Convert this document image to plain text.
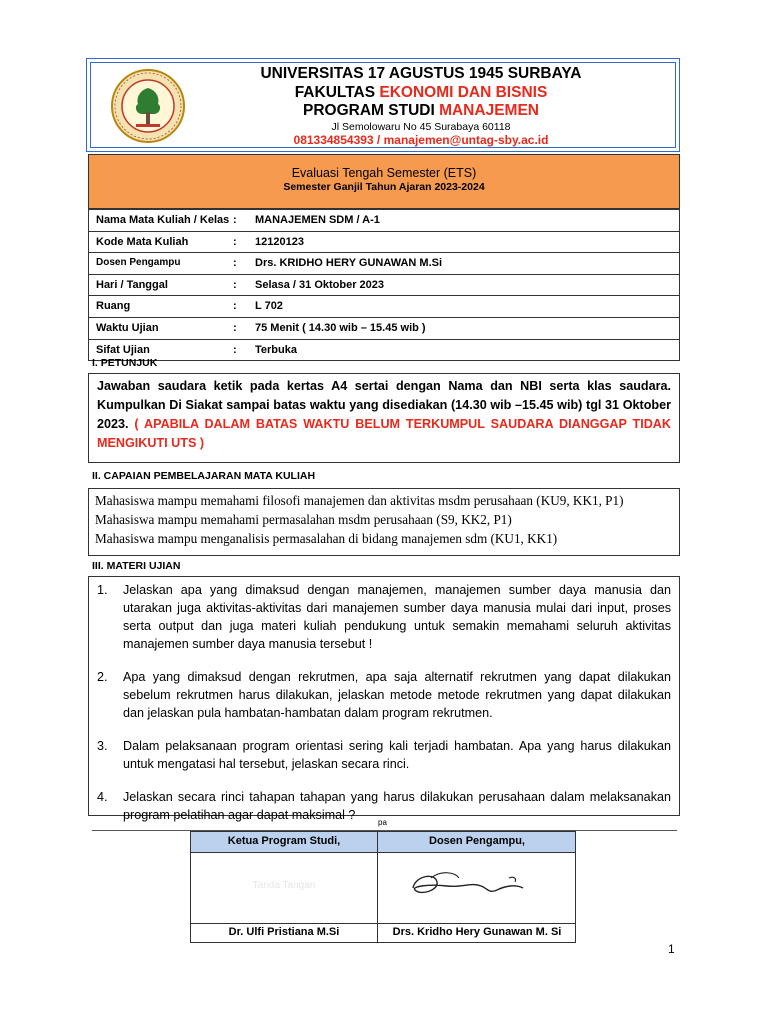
UNIVERSITAS 17 AGUSTUS 1945 SURBAYA
FAKULTAS EKONOMI DAN BISNIS
PROGRAM STUDI MANAJEMEN
Jl Semolowaru No 45 Surabaya 60118
081334854393 / manajemen@untag-sby.ac.id
Evaluasi Tengah Semester (ETS)
Semester Ganjil Tahun Ajaran 2023-2024
Nama Mata Kuliah / Kelas : MANAJEMEN SDM / A-1
Kode Mata Kuliah	: 12120123
Dosen Pengampu	: Drs. KRIDHO HERY GUNAWAN M.Si
Hari / Tanggal	: Selasa / 31 Oktober 2023
Ruang	: L 702
Waktu Ujian	: 75 Menit ( 14.30 wib – 15.45 wib )
Sifat Ujian	: Terbuka
I. PETUNJUK
Jawaban saudara ketik pada kertas A4 sertai dengan Nama dan NBI serta klas saudara. Kumpulkan Di Siakat sampai batas waktu yang disediakan (14.30 wib –15.45 wib) tgl 31 Oktober 2023. ( APABILA DALAM BATAS WAKTU BELUM TERKUMPUL SAUDARA DIANGGAP TIDAK MENGIKUTI UTS )
II. CAPAIAN PEMBELAJARAN MATA KULIAH
Mahasiswa mampu memahami filosofi manajemen dan aktivitas msdm perusahaan (KU9, KK1, P1)
Mahasiswa mampu memahami permasalahan msdm perusahaan (S9, KK2, P1)
Mahasiswa mampu menganalisis permasalahan di bidang manajemen sdm (KU1, KK1)
III. MATERI UJIAN
1. Jelaskan apa yang dimaksud dengan manajemen, manajemen sumber daya manusia dan utarakan juga aktivitas-aktivitas dari manajemen sumber daya manusia mulai dari input, proses serta output dan juga materi kuliah pendukung untuk semakin memahami seluruh aktivitas manajemen sumber daya manusia tersebut !
2. Apa yang dimaksud dengan rekrutmen, apa saja alternatif rekrutmen yang dapat dilakukan sebelum rekrutmen harus dilakukan, jelaskan metode metode rekrutmen yang dapat dilakukan dan jelaskan pula hambatan-hambatan dalam program rekrutmen.
3. Dalam pelaksanaan program orientasi sering kali terjadi hambatan. Apa yang harus dilakukan untuk mengatasi hal tersebut, jelaskan secara rinci.
4. Jelaskan secara rinci tahapan tahapan yang harus dilakukan perusahaan dalam melaksanakan program pelatihan agar dapat maksimal ?
pa
Ketua Program Studi,	Dosen Pengampu,
Tanda Tangan
Dr. Ulfi Pristiana M.Si	Drs. Kridho Hery Gunawan M. Si
1
